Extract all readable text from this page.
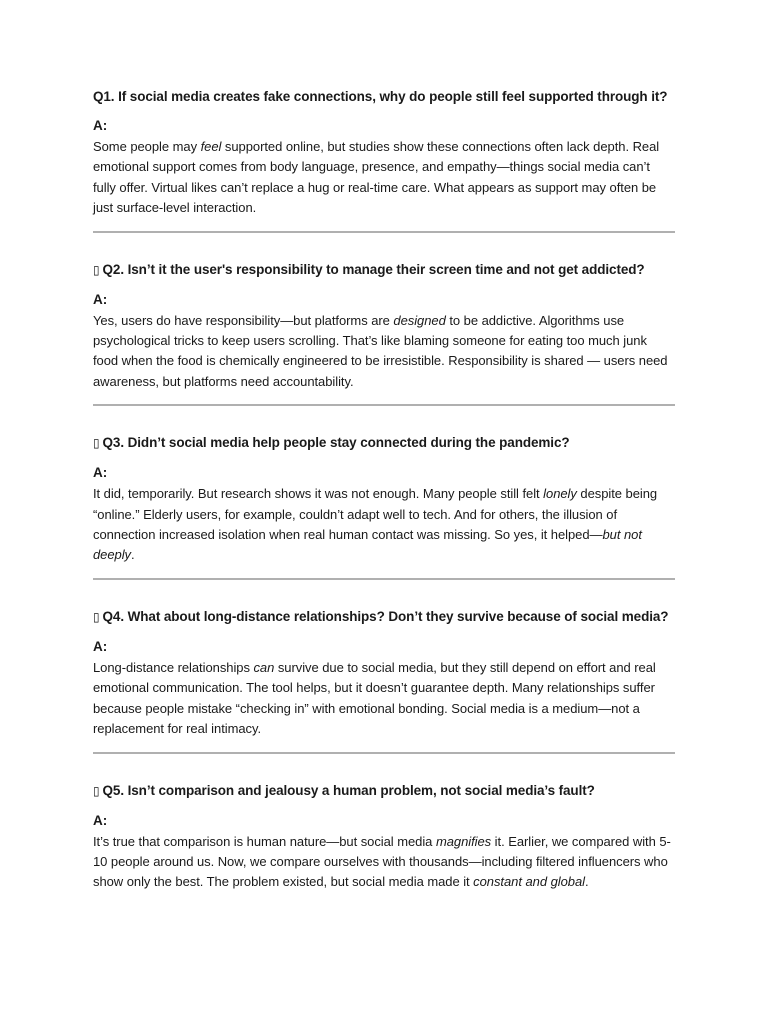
Q1. If social media creates fake connections, why do people still feel supported through it?

A:

Some people may feel supported online, but studies show these connections often lack depth. Real emotional support comes from body language, presence, and empathy—things social media can’t fully offer. Virtual likes can’t replace a hug or real-time care. What appears as support may often be just surface-level interaction.

▯ Q2. Isn’t it the user's responsibility to manage their screen time and not get addicted?

A:

Yes, users do have responsibility—but platforms are designed to be addictive. Algorithms use psychological tricks to keep users scrolling. That’s like blaming someone for eating too much junk food when the food is chemically engineered to be irresistible. Responsibility is shared — users need awareness, but platforms need accountability.

▯ Q3. Didn’t social media help people stay connected during the pandemic?

A:

It did, temporarily. But research shows it was not enough. Many people still felt lonely despite being “online.” Elderly users, for example, couldn’t adapt well to tech. And for others, the illusion of connection increased isolation when real human contact was missing. So yes, it helped—but not deeply.

▯ Q4. What about long-distance relationships? Don’t they survive because of social media?

A:

Long-distance relationships can survive due to social media, but they still depend on effort and real emotional communication. The tool helps, but it doesn’t guarantee depth. Many relationships suffer because people mistake “checking in” with emotional bonding. Social media is a medium—not a replacement for real intimacy.

▯ Q5. Isn’t comparison and jealousy a human problem, not social media’s fault?

A:

It’s true that comparison is human nature—but social media magnifies it. Earlier, we compared with 5-10 people around us. Now, we compare ourselves with thousands—including filtered influencers who show only the best. The problem existed, but social media made it constant and global.
